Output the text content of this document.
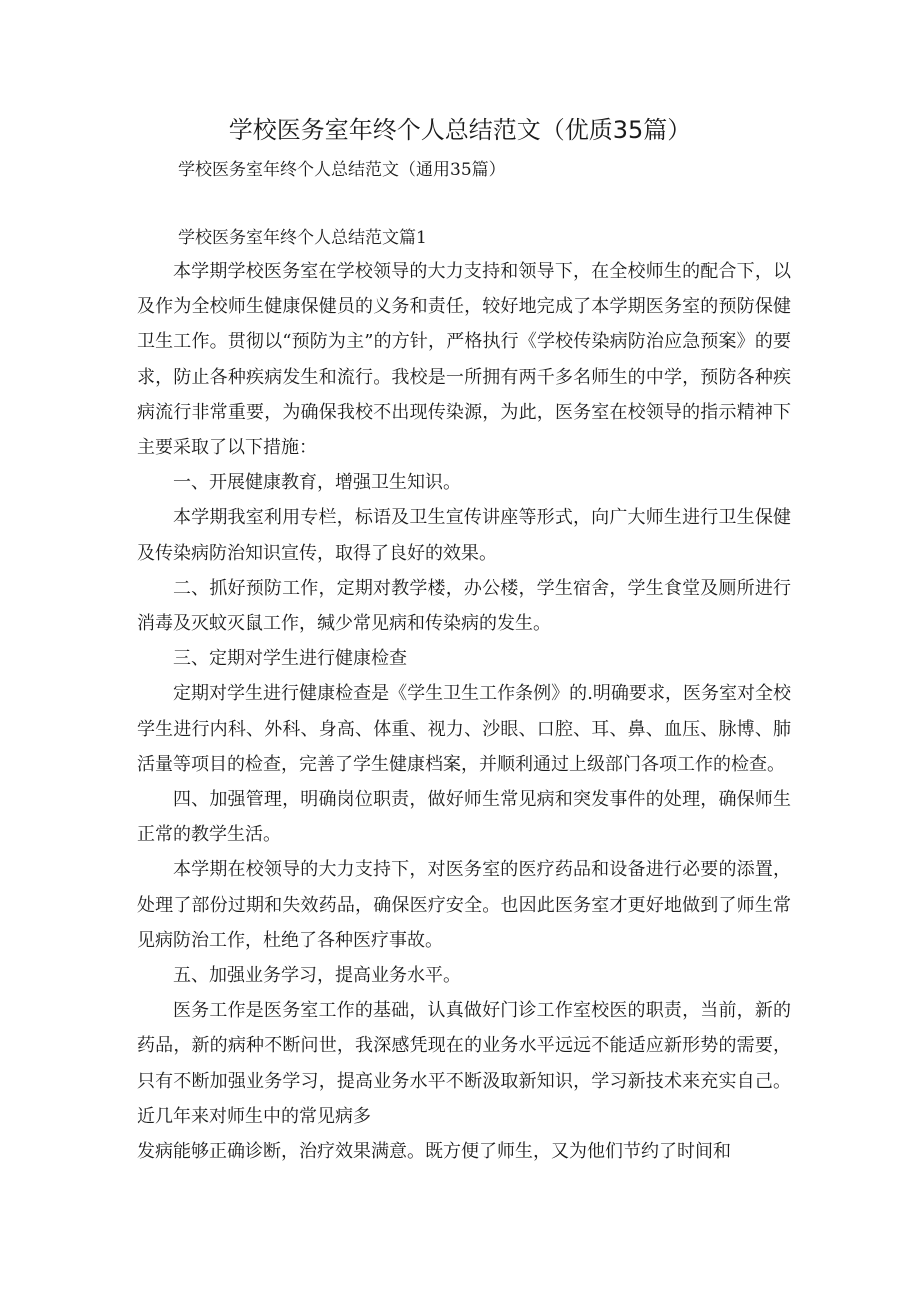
学校医务室年终个人总结范文（优质35篇）
学校医务室年终个人总结范文（通用35篇）
学校医务室年终个人总结范文篇1

本学期学校医务室在学校领导的大力支持和领导下，在全校师生的配合下，以及作为全校师生健康保健员的义务和责任，较好地完成了本学期医务室的预防保健卫生工作。贯彻以“预防为主”的方针，严格执行《学校传染病防治应急预案》的要求，防止各种疾病发生和流行。我校是一所拥有两千多名师生的中学，预防各种疾病流行非常重要，为确保我校不出现传染源，为此，医务室在校领导的指示精神下主要采取了以下措施：

一、开展健康教育，增强卫生知识。

本学期我室利用专栏，标语及卫生宣传讲座等形式，向广大师生进行卫生保健及传染病防治知识宣传，取得了良好的效果。

二、抓好预防工作，定期对教学楼，办公楼，学生宿舍，学生食堂及厕所进行消毒及灭蚊灭鼠工作，缄少常见病和传染病的发生。

三、定期对学生进行健康检查

定期对学生进行健康检查是《学生卫生工作条例》的.明确要求，医务室对全校学生进行内科、外科、身高、体重、视力、沙眼、口腔、耳、鼻、血压、脉博、肺活量等项目的检查，完善了学生健康档案，并顺利通过上级部门各项工作的检查。

四、加强管理，明确岗位职责，做好师生常见病和突发事件的处理，确保师生正常的教学生活。

本学期在校领导的大力支持下，对医务室的医疗药品和设备进行必要的添置，处理了部份过期和失效药品，确保医疗安全。也因此医务室才更好地做到了师生常见病防治工作，杜绝了各种医疗事故。

五、加强业务学习，提高业务水平。

医务工作是医务室工作的基础，认真做好门诊工作室校医的职责，当前，新的药品，新的病种不断问世，我深感凭现在的业务水平远远不能适应新形势的需要，只有不断加强业务学习，提高业务水平不断汲取新知识，学习新技术来充实自己。近几年来对师生中的常见病多

发病能够正确诊断，治疗效果满意。既方便了师生，又为他们节约了时间和
